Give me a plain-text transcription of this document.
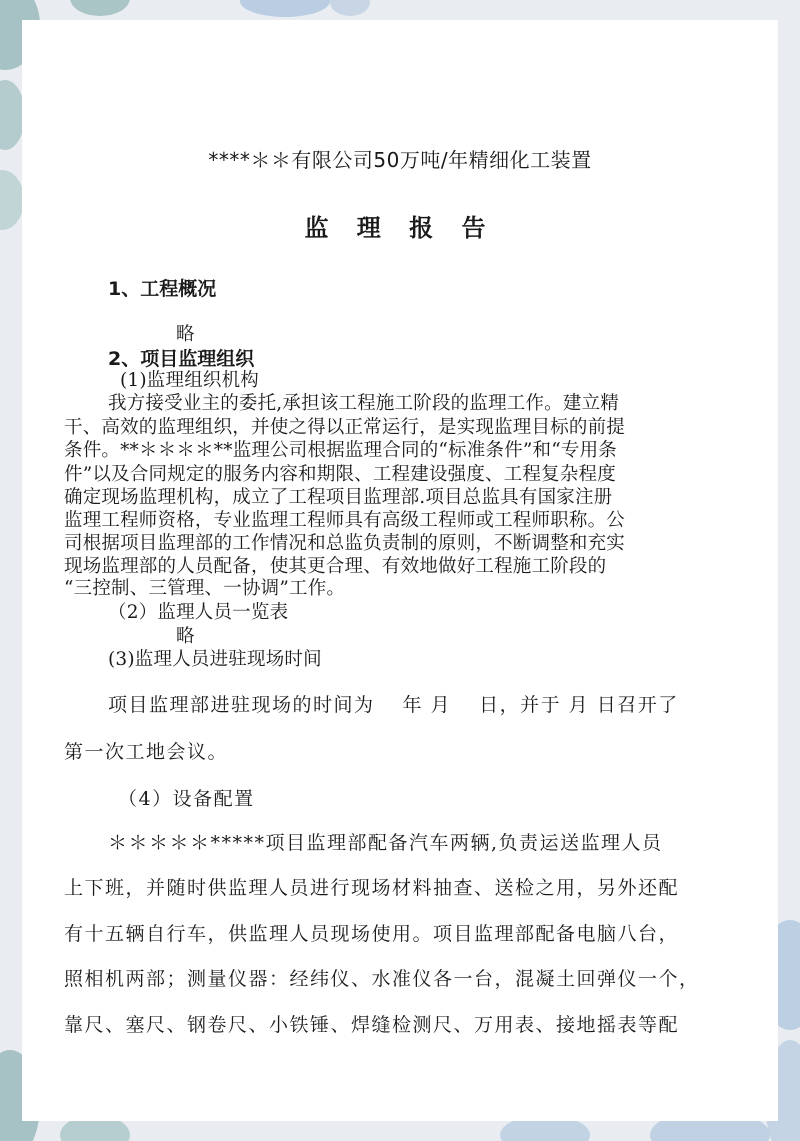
****＊＊有限公司50万吨/年精细化工装置

监 理 报 告

1、工程概况

略

2、项目监理组织

(1)监理组织机构

我方接受业主的委托,承担该工程施工阶段的监理工作。建立精

干、高效的监理组织，并使之得以正常运行，是实现监理目标的前提

条件。**＊＊＊＊**监理公司根据监理合同的“标准条件”和“专用条

件”以及合同规定的服务内容和期限、工程建设强度、工程复杂程度

确定现场监理机构，成立了工程项目监理部.项目总监具有国家注册

监理工程师资格，专业监理工程师具有高级工程师或工程师职称。公

司根据项目监理部的工作情况和总监负责制的原则，不断调整和充实

现场监理部的人员配备，使其更合理、有效地做好工程施工阶段的

“三控制、三管理、一协调”工作。

（2）监理人员一览表

略

(3)监理人员进驻现场时间

项目监理部进驻现场的时间为　 年 月　 日，并于 月 日召开了

第一次工地会议。

（4）设备配置

＊＊＊＊＊*****项目监理部配备汽车两辆,负责运送监理人员

上下班，并随时供监理人员进行现场材料抽查、送检之用，另外还配

有十五辆自行车，供监理人员现场使用。项目监理部配备电脑八台，

照相机两部；测量仪器：经纬仪、水准仪各一台，混凝土回弹仪一个，

靠尺、塞尺、钢卷尺、小铁锤、焊缝检测尺、万用表、接地摇表等配
